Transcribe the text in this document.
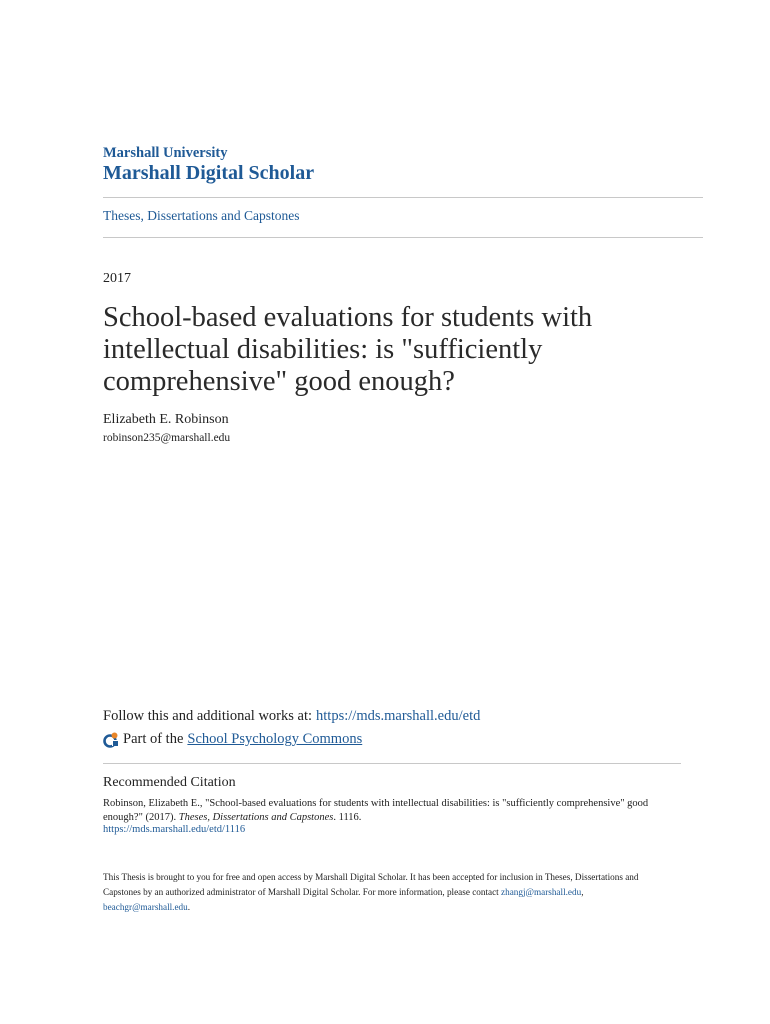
Marshall University
Marshall Digital Scholar
Theses, Dissertations and Capstones
2017
School-based evaluations for students with intellectual disabilities: is "sufficiently comprehensive" good enough?
Elizabeth E. Robinson
robinson235@marshall.edu
Follow this and additional works at: https://mds.marshall.edu/etd
Part of the School Psychology Commons
Recommended Citation
Robinson, Elizabeth E., "School-based evaluations for students with intellectual disabilities: is "sufficiently comprehensive" good enough?" (2017). Theses, Dissertations and Capstones. 1116.
https://mds.marshall.edu/etd/1116
This Thesis is brought to you for free and open access by Marshall Digital Scholar. It has been accepted for inclusion in Theses, Dissertations and Capstones by an authorized administrator of Marshall Digital Scholar. For more information, please contact zhangj@marshall.edu, beachgr@marshall.edu.
